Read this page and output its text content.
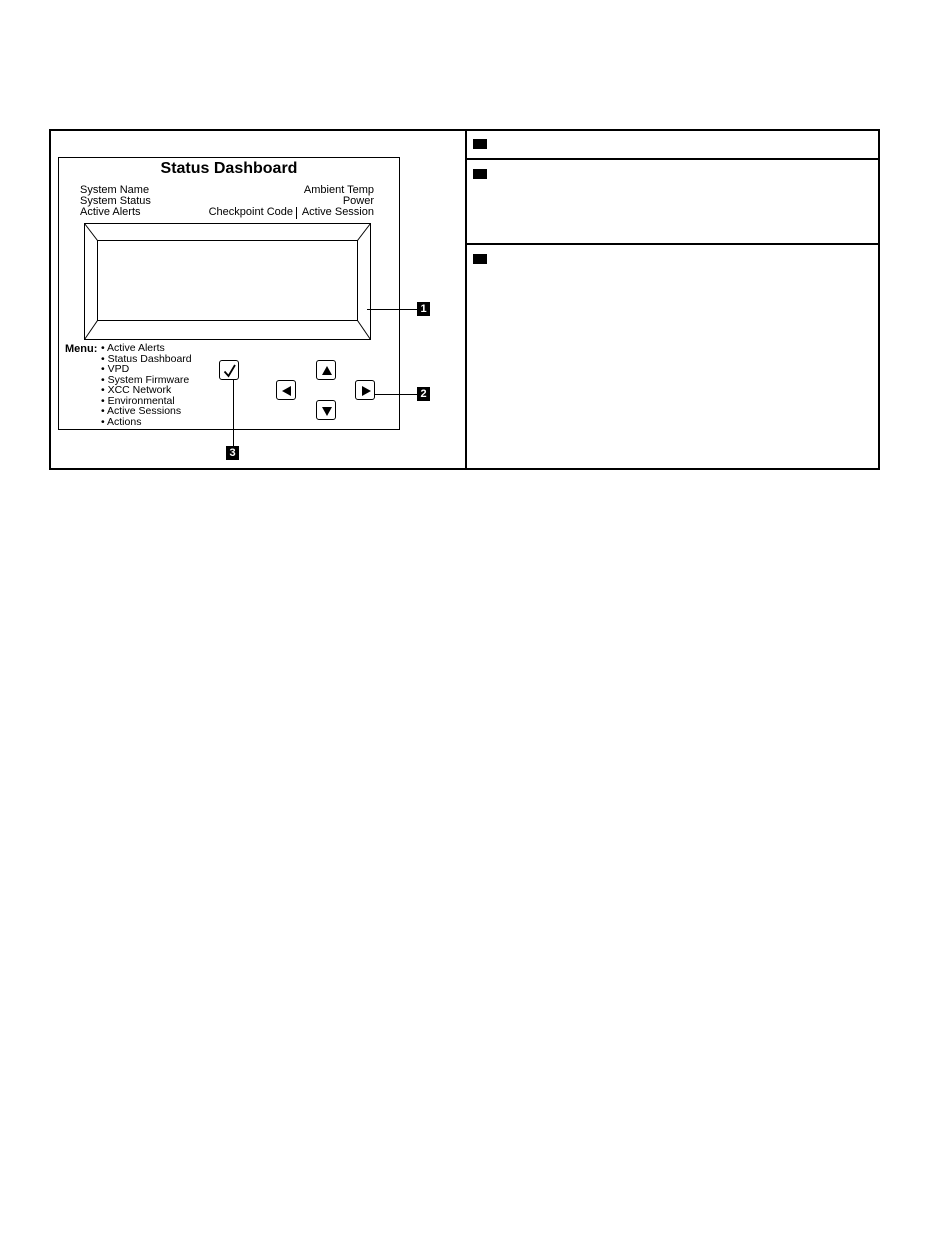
Status Dashboard
System Name
System Status
Active Alerts
Ambient Temp
Power
Checkpoint Code Active Session
1
Menu:
• Active Alerts
• Status Dashboard
• VPD
• System Firmware
• XCC Network
• Environmental
• Active Sessions
• Actions
3
2
